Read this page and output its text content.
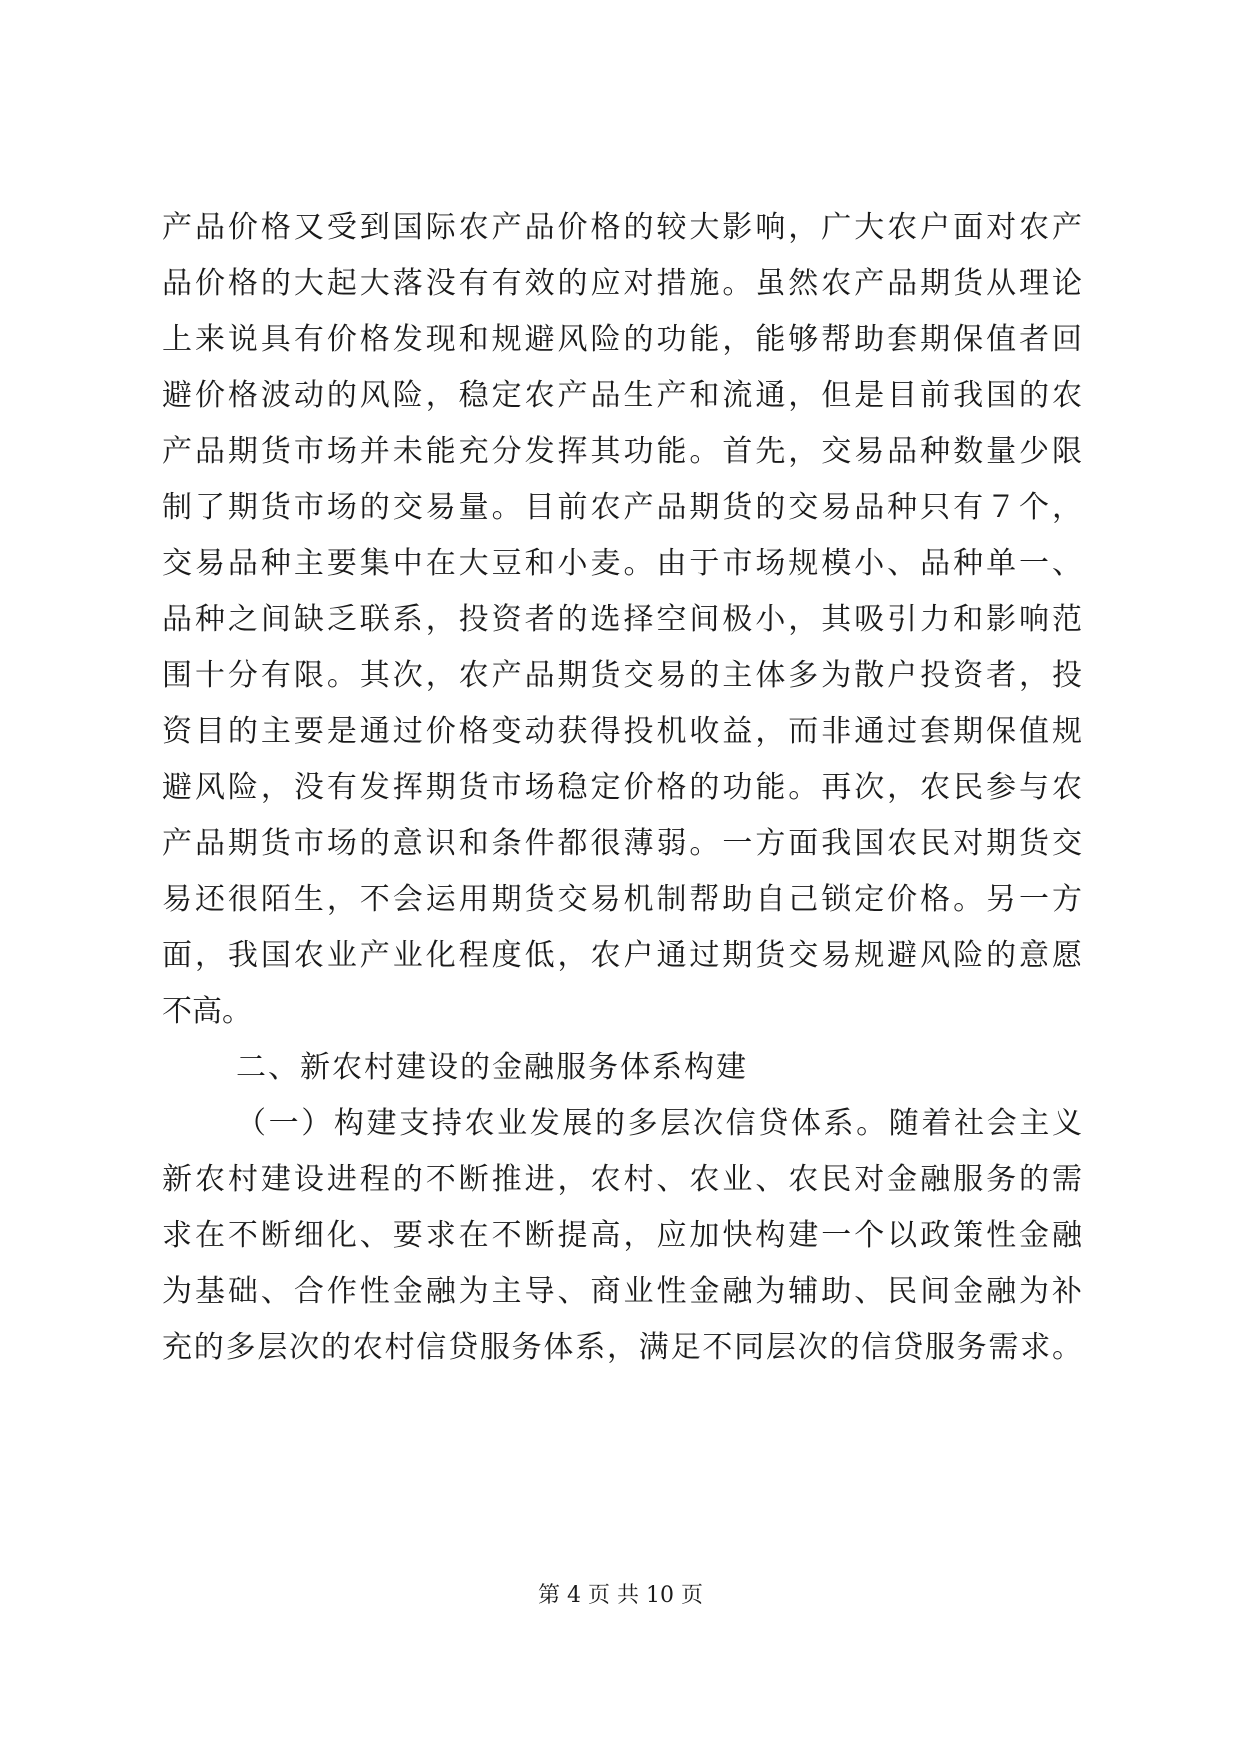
产品价格又受到国际农产品价格的较大影响，广大农户面对农产
品价格的大起大落没有有效的应对措施。虽然农产品期货从理论
上来说具有价格发现和规避风险的功能，能够帮助套期保值者回
避价格波动的风险，稳定农产品生产和流通，但是目前我国的农
产品期货市场并未能充分发挥其功能。首先，交易品种数量少限
制了期货市场的交易量。目前农产品期货的交易品种只有７个，
交易品种主要集中在大豆和小麦。由于市场规模小、品种单一、
品种之间缺乏联系，投资者的选择空间极小，其吸引力和影响范
围十分有限。其次，农产品期货交易的主体多为散户投资者，投
资目的主要是通过价格变动获得投机收益，而非通过套期保值规
避风险，没有发挥期货市场稳定价格的功能。再次，农民参与农
产品期货市场的意识和条件都很薄弱。一方面我国农民对期货交
易还很陌生，不会运用期货交易机制帮助自己锁定价格。另一方
面，我国农业产业化程度低，农户通过期货交易规避风险的意愿
不高。
二、新农村建设的金融服务体系构建
（一）构建支持农业发展的多层次信贷体系。随着社会主义
新农村建设进程的不断推进，农村、农业、农民对金融服务的需
求在不断细化、要求在不断提高，应加快构建一个以政策性金融
为基础、合作性金融为主导、商业性金融为辅助、民间金融为补
充的多层次的农村信贷服务体系，满足不同层次的信贷服务需求。
第 4 页 共 10 页
